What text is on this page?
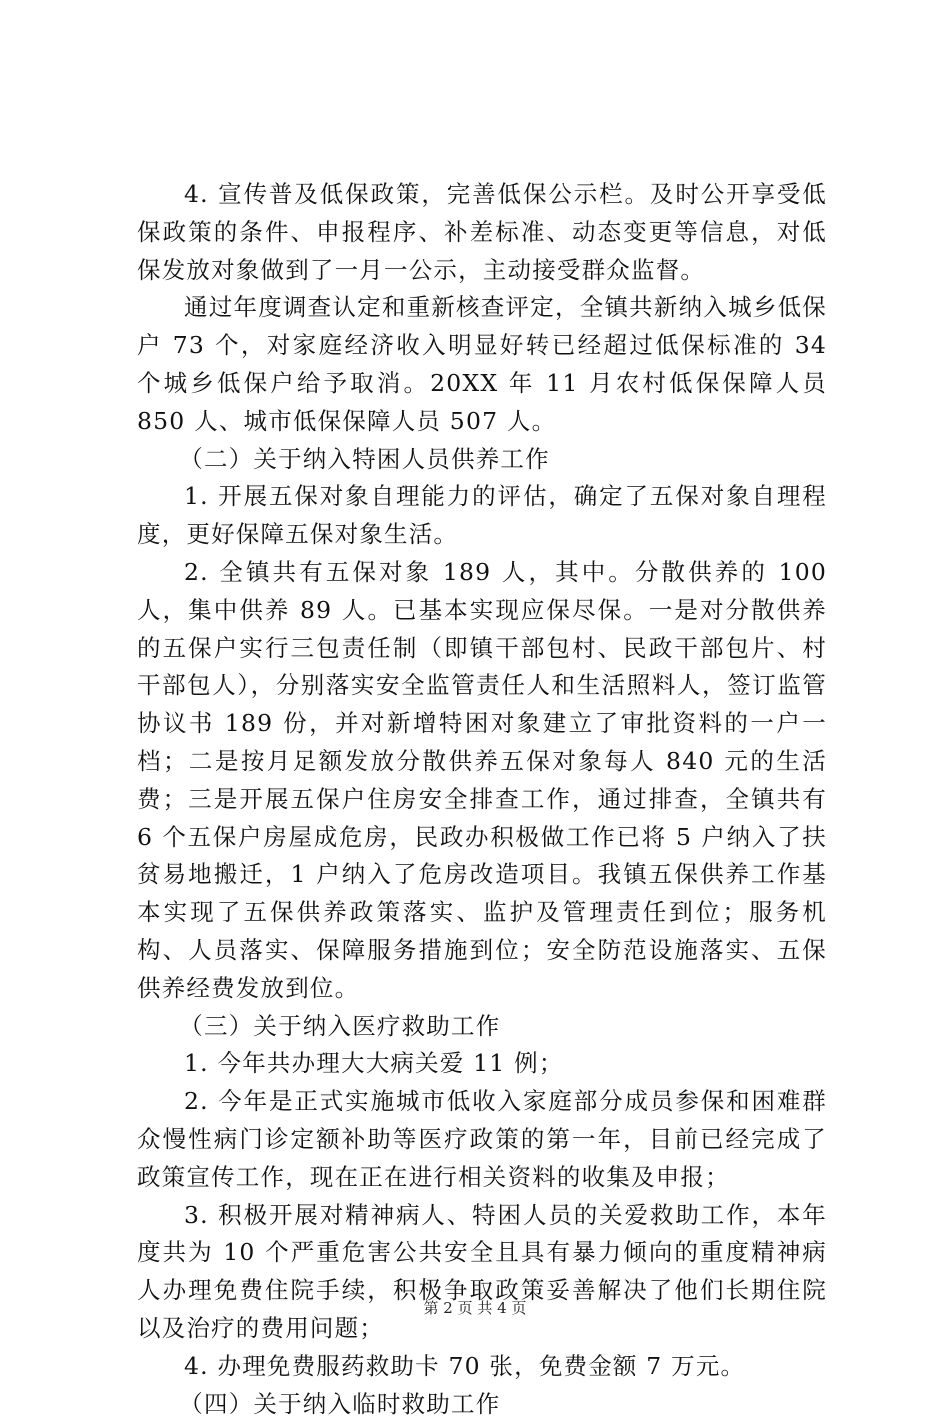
4. 宣传普及低保政策，完善低保公示栏。及时公开享受低保政策的条件、申报程序、补差标准、动态变更等信息，对低保发放对象做到了一月一公示，主动接受群众监督。

通过年度调查认定和重新核查评定，全镇共新纳入城乡低保户 73 个，对家庭经济收入明显好转已经超过低保标准的 34 个城乡低保户给予取消。20XX 年 11 月农村低保保障人员 850 人、城市低保保障人员 507 人。

（二）关于纳入特困人员供养工作

1. 开展五保对象自理能力的评估，确定了五保对象自理程度，更好保障五保对象生活。

2. 全镇共有五保对象 189 人，其中。分散供养的 100 人，集中供养 89 人。已基本实现应保尽保。一是对分散供养的五保户实行三包责任制（即镇干部包村、民政干部包片、村干部包人），分别落实安全监管责任人和生活照料人，签订监管协议书 189 份，并对新增特困对象建立了审批资料的一户一档；二是按月足额发放分散供养五保对象每人 840 元的生活费；三是开展五保户住房安全排查工作，通过排查，全镇共有 6 个五保户房屋成危房，民政办积极做工作已将 5 户纳入了扶贫易地搬迁，1 户纳入了危房改造项目。我镇五保供养工作基本实现了五保供养政策落实、监护及管理责任到位；服务机构、人员落实、保障服务措施到位；安全防范设施落实、五保供养经费发放到位。

（三）关于纳入医疗救助工作

1. 今年共办理大大病关爱 11 例；

2. 今年是正式实施城市低收入家庭部分成员参保和困难群众慢性病门诊定额补助等医疗政策的第一年，目前已经完成了政策宣传工作，现在正在进行相关资料的收集及申报；

3. 积极开展对精神病人、特困人员的关爱救助工作，本年度共为 10 个严重危害公共安全且具有暴力倾向的重度精神病人办理免费住院手续，积极争取政策妥善解决了他们长期住院以及治疗的费用问题；

4. 办理免费服药救助卡 70 张，免费金额 7 万元。

（四）关于纳入临时救助工作

第 2 页 共 4 页
